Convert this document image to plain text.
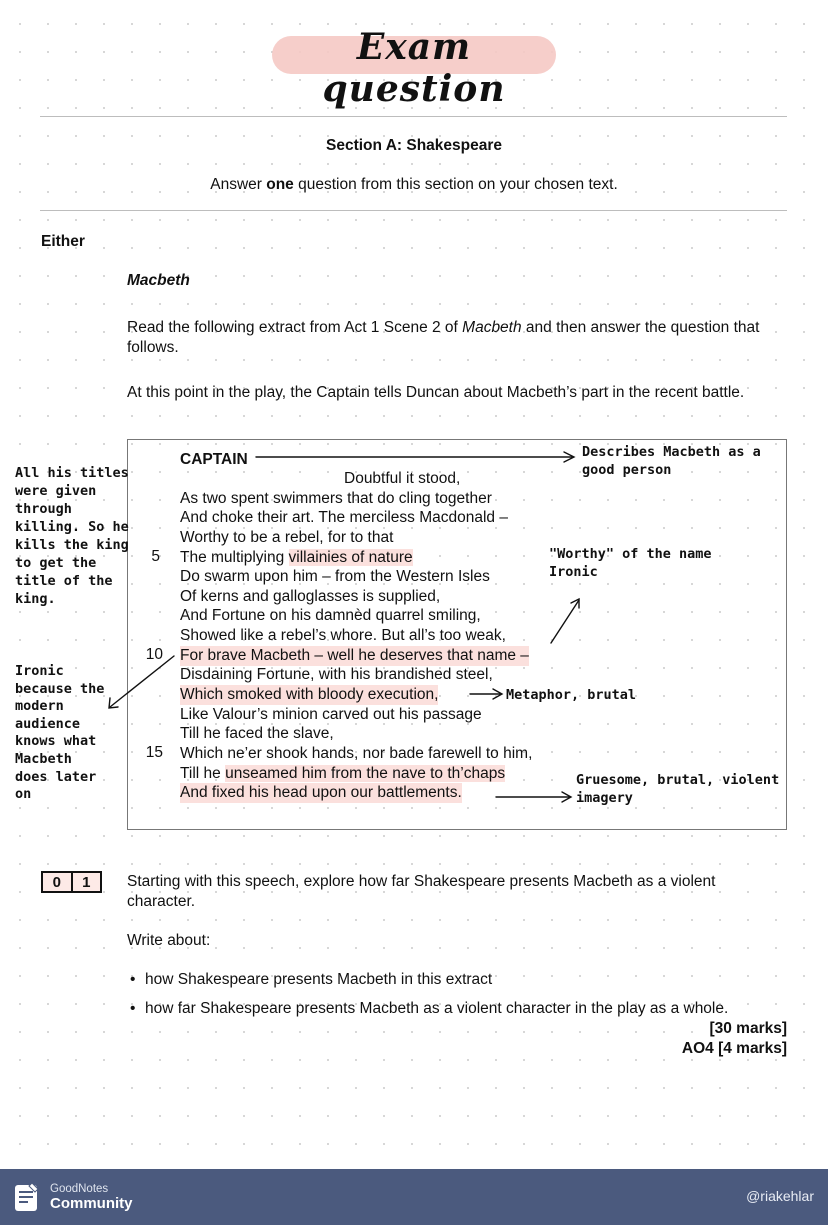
Exam question
Section A: Shakespeare
Answer one question from this section on your chosen text.
Either
Macbeth
Read the following extract from Act 1 Scene 2 of Macbeth and then answer the question that follows.
At this point in the play, the Captain tells Duncan about Macbeth’s part in the recent battle.
CAPTAIN
Doubtful it stood,
As two spent swimmers that do cling together
And choke their art. The merciless Macdonald –
Worthy to be a rebel, for to that
The multiplying villainies of nature
Do swarm upon him – from the Western Isles
Of kerns and galloglasses is supplied,
And Fortune on his damnèd quarrel smiling,
Showed like a rebel’s whore. But all’s too weak,
For brave Macbeth – well he deserves that name –
Disdaining Fortune, with his brandished steel,
Which smoked with bloody execution,
Like Valour’s minion carved out his passage
Till he faced the slave,
Which ne’er shook hands, nor bade farewell to him,
Till he unseamed him from the nave to th’chaps
And fixed his head upon our battlements.
5
10
15
Describes Macbeth as a
good person
All his titles
were given
through
killing. So he
kills the king
to get the
title of the
king.
"Worthy" of the name
Ironic
Ironic
because the
modern
audience
knows what
Macbeth
does later
on
Metaphor, brutal
Gruesome, brutal, violent
imagery
0	1	Starting with this speech, explore how far Shakespeare presents Macbeth as a violent character.
Write about:
• how Shakespeare presents Macbeth in this extract
• how far Shakespeare presents Macbeth as a violent character in the play as a whole.
[30 marks]
AO4 [4 marks]
GoodNotes
Community	@riakehlar
